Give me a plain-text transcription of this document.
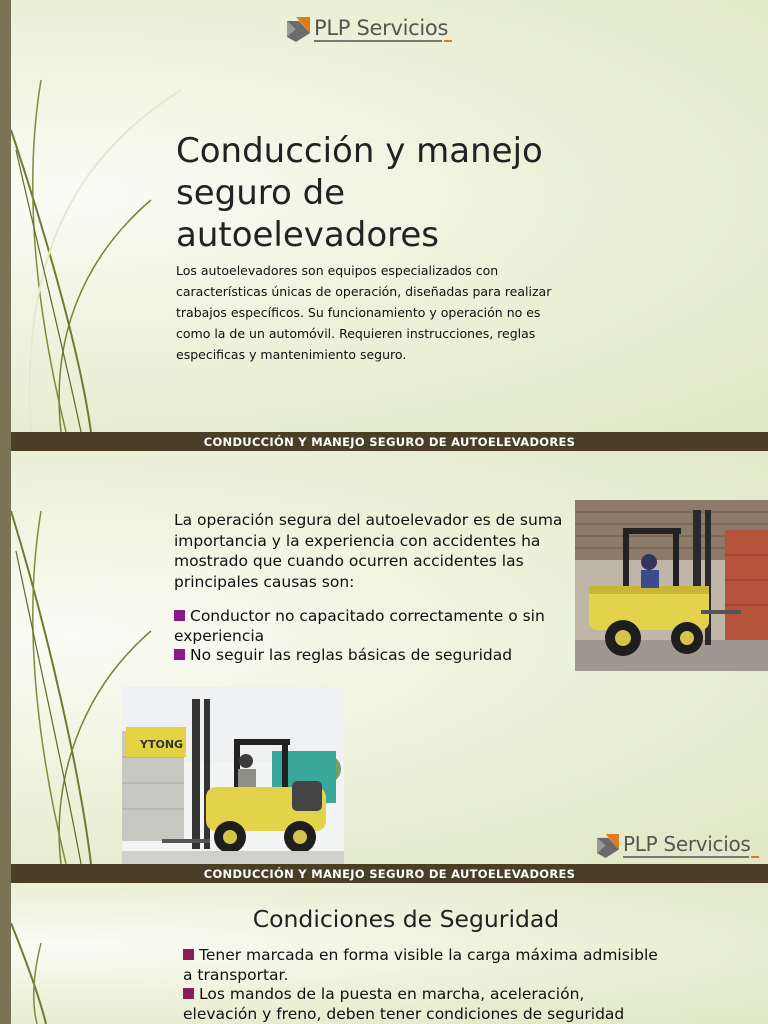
PLP Servicios
Conducción y manejo seguro de autoelevadores

Los autoelevadores son equipos especializados con características únicas de operación, diseñadas para realizar trabajos específicos. Su funcionamiento y operación no es como la de un automóvil. Requieren instrucciones, reglas especificas y mantenimiento seguro.

CONDUCCIÓN Y MANEJO SEGURO DE AUTOELEVADORES

La operación segura del autoelevador es de suma importancia y la experiencia con accidentes ha mostrado que cuando ocurren accidentes las principales causas son:

Conductor no capacitado correctamente o sin experiencia
No seguir las reglas básicas de seguridad
YTONG
PLP Servicios
CONDUCCIÓN Y MANEJO SEGURO DE AUTOELEVADORES
Condiciones de Seguridad
Tener marcada en forma visible la carga máxima admisible a transportar.
Los mandos de la puesta en marcha, aceleración, elevación y freno, deben tener condiciones de seguridad
